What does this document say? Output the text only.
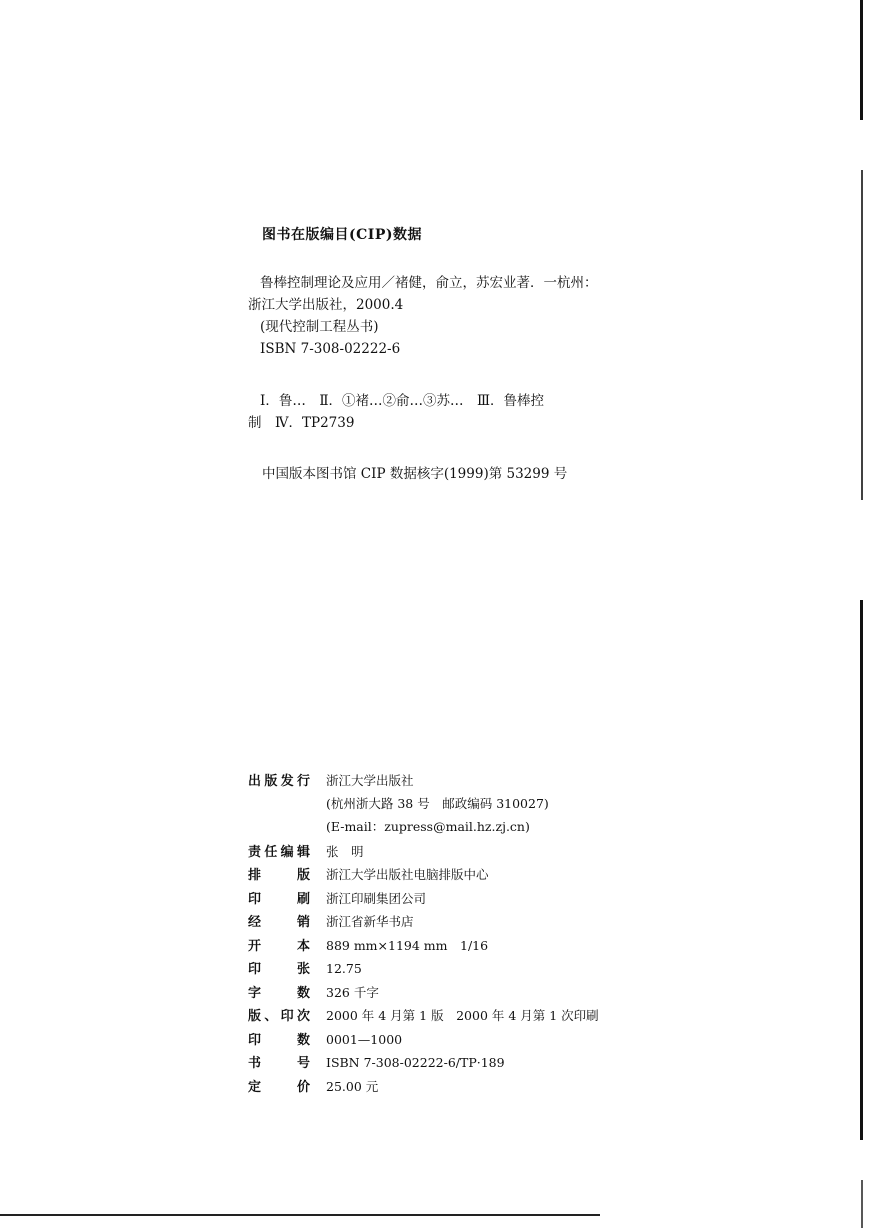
图书在版编目(CIP)数据
鲁棒控制理论及应用／褚健，俞立，苏宏业著．一杭州：
浙江大学出版社，2000.4
(现代控制工程丛书)
ISBN 7-308-02222-6
Ⅰ．鲁…　Ⅱ．①褚…②俞…③苏…　Ⅲ．鲁棒控
制　Ⅳ．TP2739
中国版本图书馆 CIP 数据核字(1999)第 53299 号
出版发行 浙江大学出版社
(杭州浙大路 38 号　邮政编码 310027)
(E-mail：zupress@mail.hz.zj.cn)
责任编辑 张　明
排　　版 浙江大学出版社电脑排版中心
印　　刷 浙江印刷集团公司
经　　销 浙江省新华书店
开　　本 889 mm×1194 mm　1/16
印　　张 12.75
字　　数 326 千字
版、印次 2000 年 4 月第 1 版　2000 年 4 月第 1 次印刷
印　　数 0001—1000
书　　号 ISBN 7-308-02222-6/TP·189
定　　价 25.00 元
